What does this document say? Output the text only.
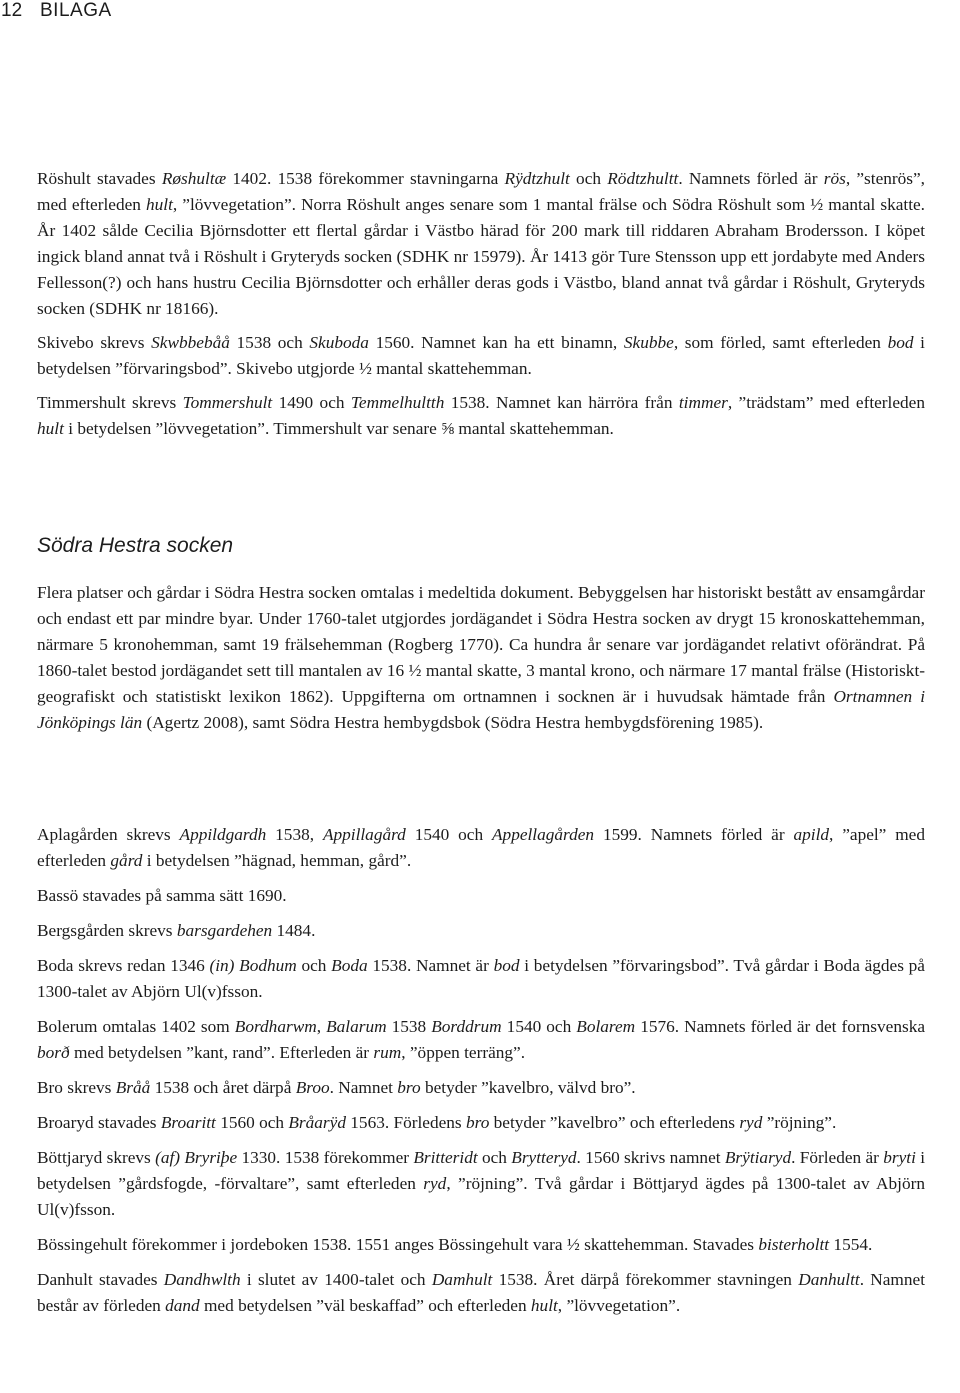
12 BILAGA

Röshult stavades Røshultæ 1402. 1538 förekommer stavningarna Rÿdtzhult och Rödtzhultt. Namnets förled är rös, ”stenrös”, med efterleden hult, ”lövvegetation”. Norra Röshult anges senare som 1 mantal frälse och Södra Röshult som ½ mantal skatte. År 1402 sålde Cecilia Björnsdotter ett flertal gårdar i Västbo härad för 200 mark till riddaren Abraham Brodersson. I köpet ingick bland annat två i Röshult i Gryteryds socken (SDHK nr 15979). År 1413 gör Ture Stensson upp ett jordabyte med Anders Fellesson(?) och hans hustru Cecilia Björnsdotter och erhåller deras gods i Västbo, bland annat två gårdar i Röshult, Gryteryds socken (SDHK nr 18166).

Skivebo skrevs Skwbbebåå 1538 och Skuboda 1560. Namnet kan ha ett binamn, Skubbe, som förled, samt efterleden bod i betydelsen ”förvaringsbod”. Skivebo utgjorde ½ mantal skattehemman.

Timmershult skrevs Tommershult 1490 och Temmelhultth 1538. Namnet kan härröra från timmer, ”trädstam” med efterleden hult i betydelsen ”lövvegetation”. Timmershult var senare ⅝ mantal skattehemman.

Södra Hestra socken

Flera platser och gårdar i Södra Hestra socken omtalas i medeltida dokument. Bebyggelsen har historiskt bestått av ensamgårdar och endast ett par mindre byar. Under 1760-talet utgjordes jordägandet i Södra Hestra socken av drygt 15 kronoskattehemman, närmare 5 kronohemman, samt 19 frälsehemman (Rogberg 1770). Ca hundra år senare var jordägandet relativt oförändrat. På 1860-talet bestod jordägandet sett till mantalen av 16 ½ mantal skatte, 3 mantal krono, och närmare 17 mantal frälse (Historiskt-geografiskt och statistiskt lexikon 1862). Uppgifterna om ortnamnen i socknen är i huvudsak hämtade från Ortnamnen i Jönköpings län (Agertz 2008), samt Södra Hestra hembygdsbok (Södra Hestra hembygdsförening 1985).

Aplagården skrevs Appildgardh 1538, Appillagård 1540 och Appellagården 1599. Namnets förled är apild, ”apel” med efterleden gård i betydelsen ”hägnad, hemman, gård”.

Bassö stavades på samma sätt 1690.

Bergsgården skrevs barsgardehen 1484.

Boda skrevs redan 1346 (in) Bodhum och Boda 1538. Namnet är bod i betydelsen ”förvaringsbod”. Två gårdar i Boda ägdes på 1300-talet av Abjörn Ul(v)fsson.

Bolerum omtalas 1402 som Bordharwm, Balarum 1538 Borddrum 1540 och Bolarem 1576. Namnets förled är det fornsvenska borð med betydelsen ”kant, rand”. Efterleden är rum, ”öppen terräng”.

Bro skrevs Bråå 1538 och året därpå Broo. Namnet bro betyder ”kavelbro, välvd bro”.

Broaryd stavades Broaritt 1560 och Bråarÿd 1563. Förledens bro betyder ”kavelbro” och efterledens ryd ”röjning”.

Böttjaryd skrevs (af) Bryriþe 1330. 1538 förekommer Britteridt och Brytteryd. 1560 skrivs namnet Brÿtiaryd. Förleden är bryti i betydelsen ”gårdsfogde, -förvaltare”, samt efterleden ryd, ”röjning”. Två gårdar i Böttjaryd ägdes på 1300-talet av Abjörn Ul(v)fsson.

Bössingehult förekommer i jordeboken 1538. 1551 anges Bössingehult vara ½ skattehemman. Stavades bisterholtt 1554.

Danhult stavades Dandhwlth i slutet av 1400-talet och Damhult 1538. Året därpå förekommer stavningen Danhultt. Namnet består av förleden dand med betydelsen ”väl beskaffad” och efterleden hult, ”lövvegetation”.
